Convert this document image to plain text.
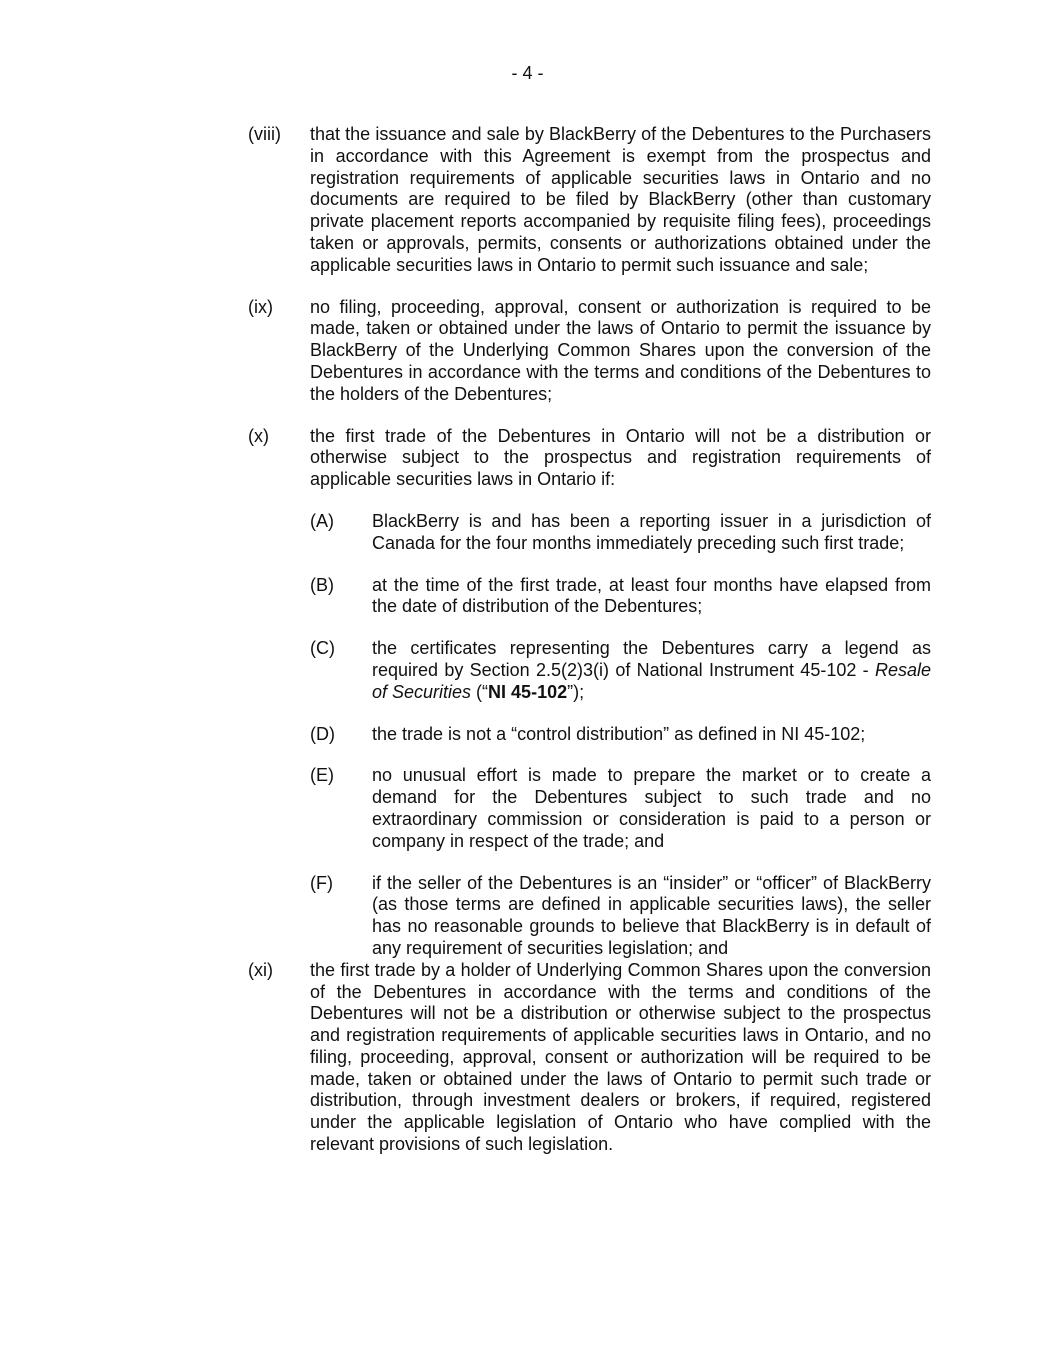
- 4 -
(viii) that the issuance and sale by BlackBerry of the Debentures to the Purchasers in accordance with this Agreement is exempt from the prospectus and registration requirements of applicable securities laws in Ontario and no documents are required to be filed by BlackBerry (other than customary private placement reports accompanied by requisite filing fees), proceedings taken or approvals, permits, consents or authorizations obtained under the applicable securities laws in Ontario to permit such issuance and sale;
(ix) no filing, proceeding, approval, consent or authorization is required to be made, taken or obtained under the laws of Ontario to permit the issuance by BlackBerry of the Underlying Common Shares upon the conversion of the Debentures in accordance with the terms and conditions of the Debentures to the holders of the Debentures;
(x) the first trade of the Debentures in Ontario will not be a distribution or otherwise subject to the prospectus and registration requirements of applicable securities laws in Ontario if:
(A) BlackBerry is and has been a reporting issuer in a jurisdiction of Canada for the four months immediately preceding such first trade;
(B) at the time of the first trade, at least four months have elapsed from the date of distribution of the Debentures;
(C) the certificates representing the Debentures carry a legend as required by Section 2.5(2)3(i) of National Instrument 45-102 - Resale of Securities (“NI 45-102”);
(D) the trade is not a “control distribution” as defined in NI 45-102;
(E) no unusual effort is made to prepare the market or to create a demand for the Debentures subject to such trade and no extraordinary commission or consideration is paid to a person or company in respect of the trade; and
(F) if the seller of the Debentures is an “insider” or “officer” of BlackBerry (as those terms are defined in applicable securities laws), the seller has no reasonable grounds to believe that BlackBerry is in default of any requirement of securities legislation; and
(xi) the first trade by a holder of Underlying Common Shares upon the conversion of the Debentures in accordance with the terms and conditions of the Debentures will not be a distribution or otherwise subject to the prospectus and registration requirements of applicable securities laws in Ontario, and no filing, proceeding, approval, consent or authorization will be required to be made, taken or obtained under the laws of Ontario to permit such trade or distribution, through investment dealers or brokers, if required, registered under the applicable legislation of Ontario who have complied with the relevant provisions of such legislation.
